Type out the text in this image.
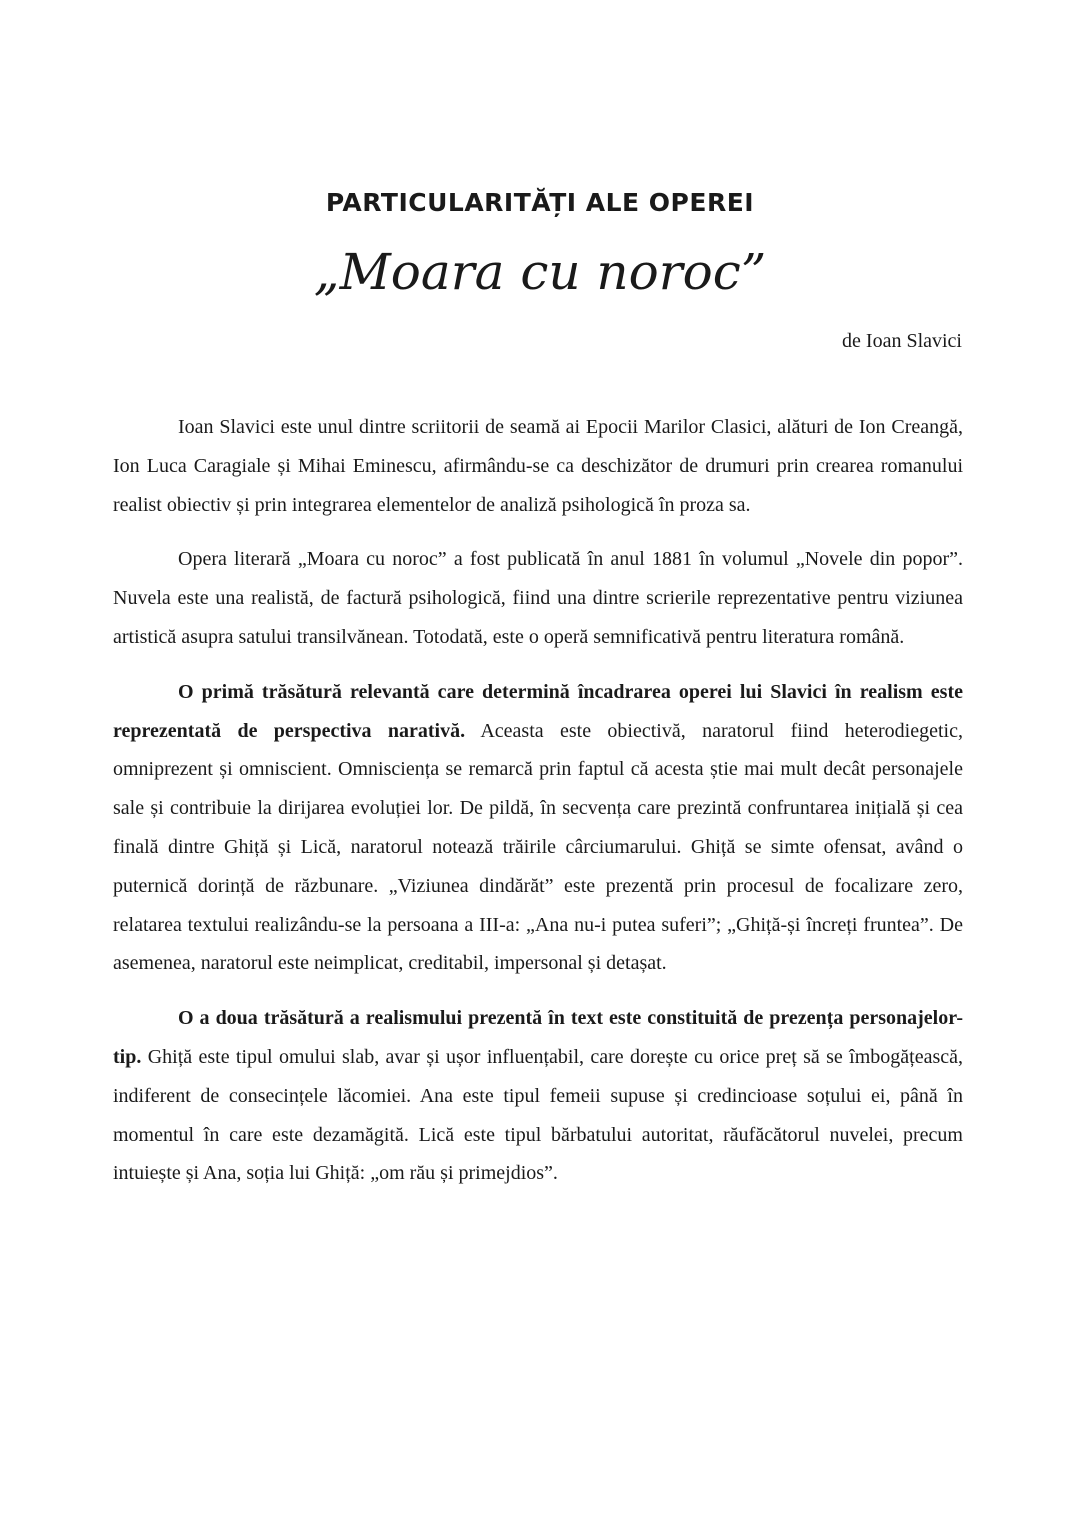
PARTICULARITĂȚI ALE OPEREI
„Moara cu noroc”
de Ioan Slavici

Ioan Slavici este unul dintre scriitorii de seamă ai Epocii Marilor Clasici, alături de Ion Creangă, Ion Luca Caragiale și Mihai Eminescu, afirmându-se ca deschizător de drumuri prin crearea romanului realist obiectiv și prin integrarea elementelor de analiză psihologică în proza sa.

Opera literară „Moara cu noroc” a fost publicată în anul 1881 în volumul „Novele din popor”. Nuvela este una realistă, de factură psihologică, fiind una dintre scrierile reprezentative pentru viziunea artistică asupra satului transilvănean. Totodată, este o operă semnificativă pentru literatura română.

O primă trăsătură relevantă care determină încadrarea operei lui Slavici în realism este reprezentată de perspectiva narativă. Aceasta este obiectivă, naratorul fiind heterodiegetic, omniprezent și omniscient. Omnisciența se remarcă prin faptul că acesta știe mai mult decât personajele sale și contribuie la dirijarea evoluției lor. De pildă, în secvența care prezintă confruntarea inițială și cea finală dintre Ghiță și Lică, naratorul notează trăirile cârciumarului. Ghiță se simte ofensat, având o puternică dorință de răzbunare. „Viziunea dindărăt” este prezentă prin procesul de focalizare zero, relatarea textului realizându-se la persoana a III-a: „Ana nu-i putea suferi”; „Ghiță-și încreți fruntea”. De asemenea, naratorul este neimplicat, creditabil, impersonal și detașat.

O a doua trăsătură a realismului prezentă în text este constituită de prezența personajelor-tip. Ghiță este tipul omului slab, avar și ușor influențabil, care dorește cu orice preț să se îmbogățească, indiferent de consecințele lăcomiei. Ana este tipul femeii supuse și credincioase soțului ei, până în momentul în care este dezamăgită. Lică este tipul bărbatului autoritat, răufăcătorul nuvelei, precum intuiește și Ana, soția lui Ghiță: „om rău și primejdios”.
